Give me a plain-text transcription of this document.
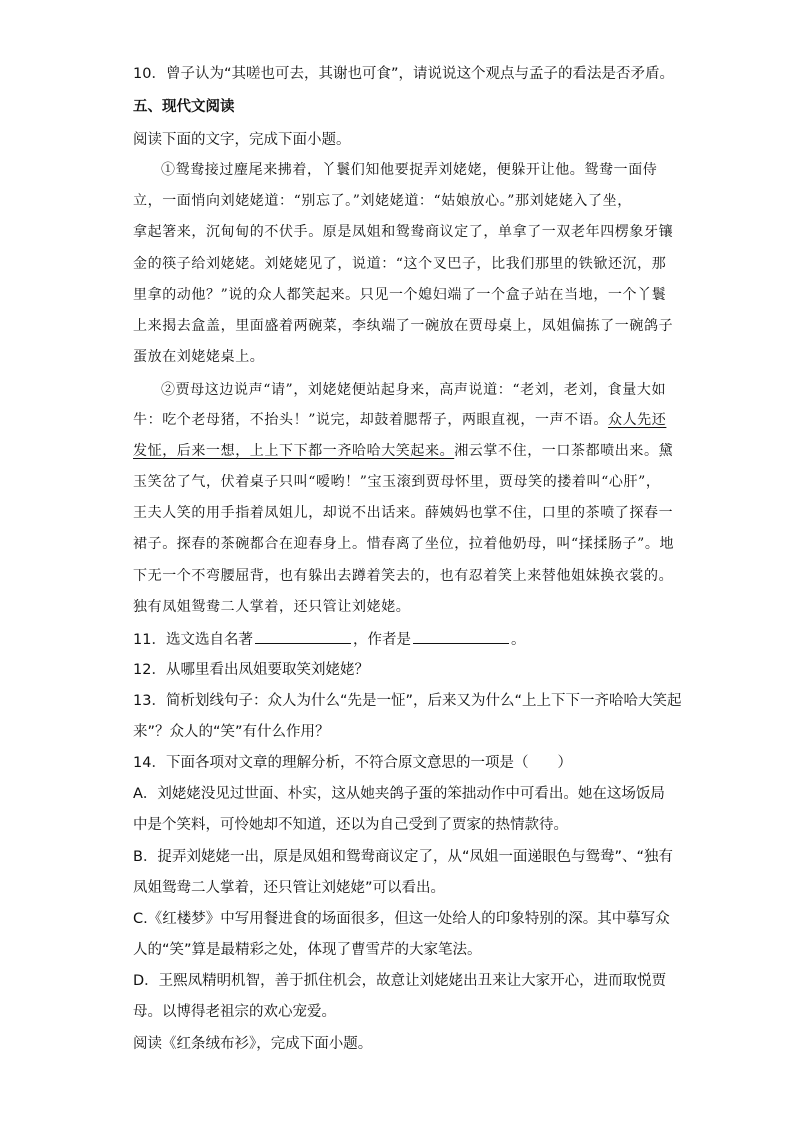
10．曾子认为“其嗟也可去，其谢也可食”，请说说这个观点与孟子的看法是否矛盾。
五、现代文阅读
阅读下面的文字，完成下面小题。
①鸳鸯接过麈尾来拂着，丫鬟们知他要捉弄刘姥姥，便躲开让他。鸳鸯一面侍
立，一面悄向刘姥姥道：“别忘了。”刘姥姥道：“姑娘放心。”那刘姥姥入了坐，
拿起箸来，沉甸甸的不伏手。原是凤姐和鸳鸯商议定了，单拿了一双老年四楞象牙镶
金的筷子给刘姥姥。刘姥姥见了，说道：“这个叉巴子，比我们那里的铁锨还沉，那
里拿的动他？”说的众人都笑起来。只见一个媳妇端了一个盒子站在当地，一个丫鬟
上来揭去盒盖，里面盛着两碗菜，李纨端了一碗放在贾母桌上，凤姐偏拣了一碗鸽子
蛋放在刘姥姥桌上。
②贾母这边说声“请”，刘姥姥便站起身来，高声说道：“老刘，老刘，食量大如
牛：吃个老母猪，不抬头！”说完，却鼓着腮帮子，两眼直视，一声不语。众人先还
发怔，后来一想，上上下下都一齐哈哈大笑起来。湘云掌不住，一口茶都喷出来。黛
玉笑岔了气，伏着桌子只叫“嗳哟！”宝玉滚到贾母怀里，贾母笑的搂着叫“心肝”，
王夫人笑的用手指着凤姐儿，却说不出话来。薛姨妈也掌不住，口里的茶喷了探春一
裙子。探春的茶碗都合在迎春身上。惜春离了坐位，拉着他奶母，叫“揉揉肠子”。地
下无一个不弯腰屈背，也有躲出去蹲着笑去的，也有忍着笑上来替他姐妹换衣裳的。
独有凤姐鸳鸯二人掌着，还只管让刘姥姥。
11．选文选自名著	，作者是	。
12．从哪里看出凤姐要取笑刘姥姥？
13．简析划线句子：众人为什么“先是一怔”，后来又为什么“上上下下一齐哈哈大笑起
来”？众人的“笑”有什么作用？
14．下面各项对文章的理解分析，不符合原文意思的一项是（　　）
A．刘姥姥没见过世面、朴实，这从她夹鸽子蛋的笨拙动作中可看出。她在这场饭局
中是个笑料，可怜她却不知道，还以为自己受到了贾家的热情款待。
B．捉弄刘姥姥一出，原是凤姐和鸳鸯商议定了，从“凤姐一面递眼色与鸳鸯”、“独有
凤姐鸳鸯二人掌着，还只管让刘姥姥”可以看出。
C.《红楼梦》中写用餐进食的场面很多，但这一处给人的印象特别的深。其中摹写众
人的“笑”算是最精彩之处，体现了曹雪芹的大家笔法。
D．王熙凤精明机智，善于抓住机会，故意让刘姥姥出丑来让大家开心，进而取悦贾
母。以博得老祖宗的欢心宠爱。
阅读《红条绒布衫》，完成下面小题。
